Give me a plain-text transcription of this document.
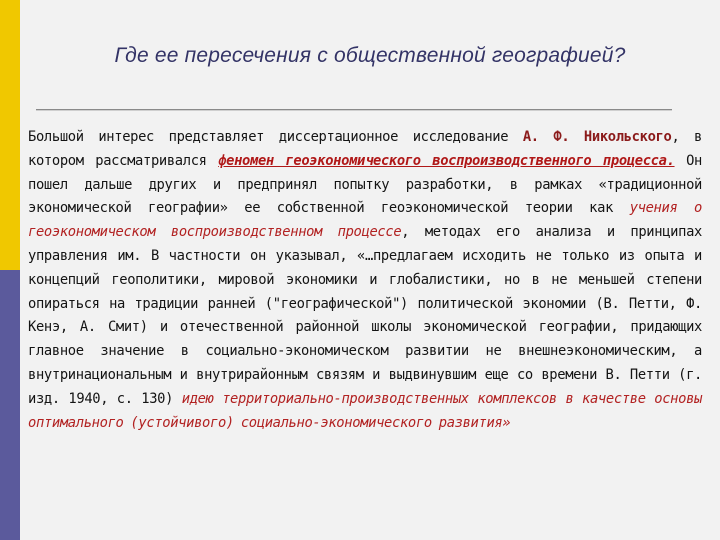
Где ее пересечения с общественной географией?

Большой интерес представляет диссертационное исследование А. Ф. Никольского, в котором рассматривался феномен геоэкономического воспроизводственного процесса. Он пошел дальше других и предпринял попытку разработки, в рамках «традиционной экономической географии» ее собственной геоэкономической теории как учения о геоэкономическом воспроизводственном процессе, методах его анализа и принципах управления им. В частности он указывал, «…предлагаем исходить не только из опыта и концепций геополитики, мировой экономики и глобалистики, но в не меньшей степени опираться на традиции ранней ("географической") политической экономии (В. Петти, Ф. Кенэ, А. Смит) и отечественной районной школы экономической географии, придающих главное значение в социально-экономическом развитии не внешнеэкономическим, а внутринациональным и внутрирайонным связям и выдвинувшим еще со времени В. Петти (г. изд. 1940, с. 130) идею территориально-производственных комплексов в качестве основы оптимального (устойчивого) социально-экономического развития»
